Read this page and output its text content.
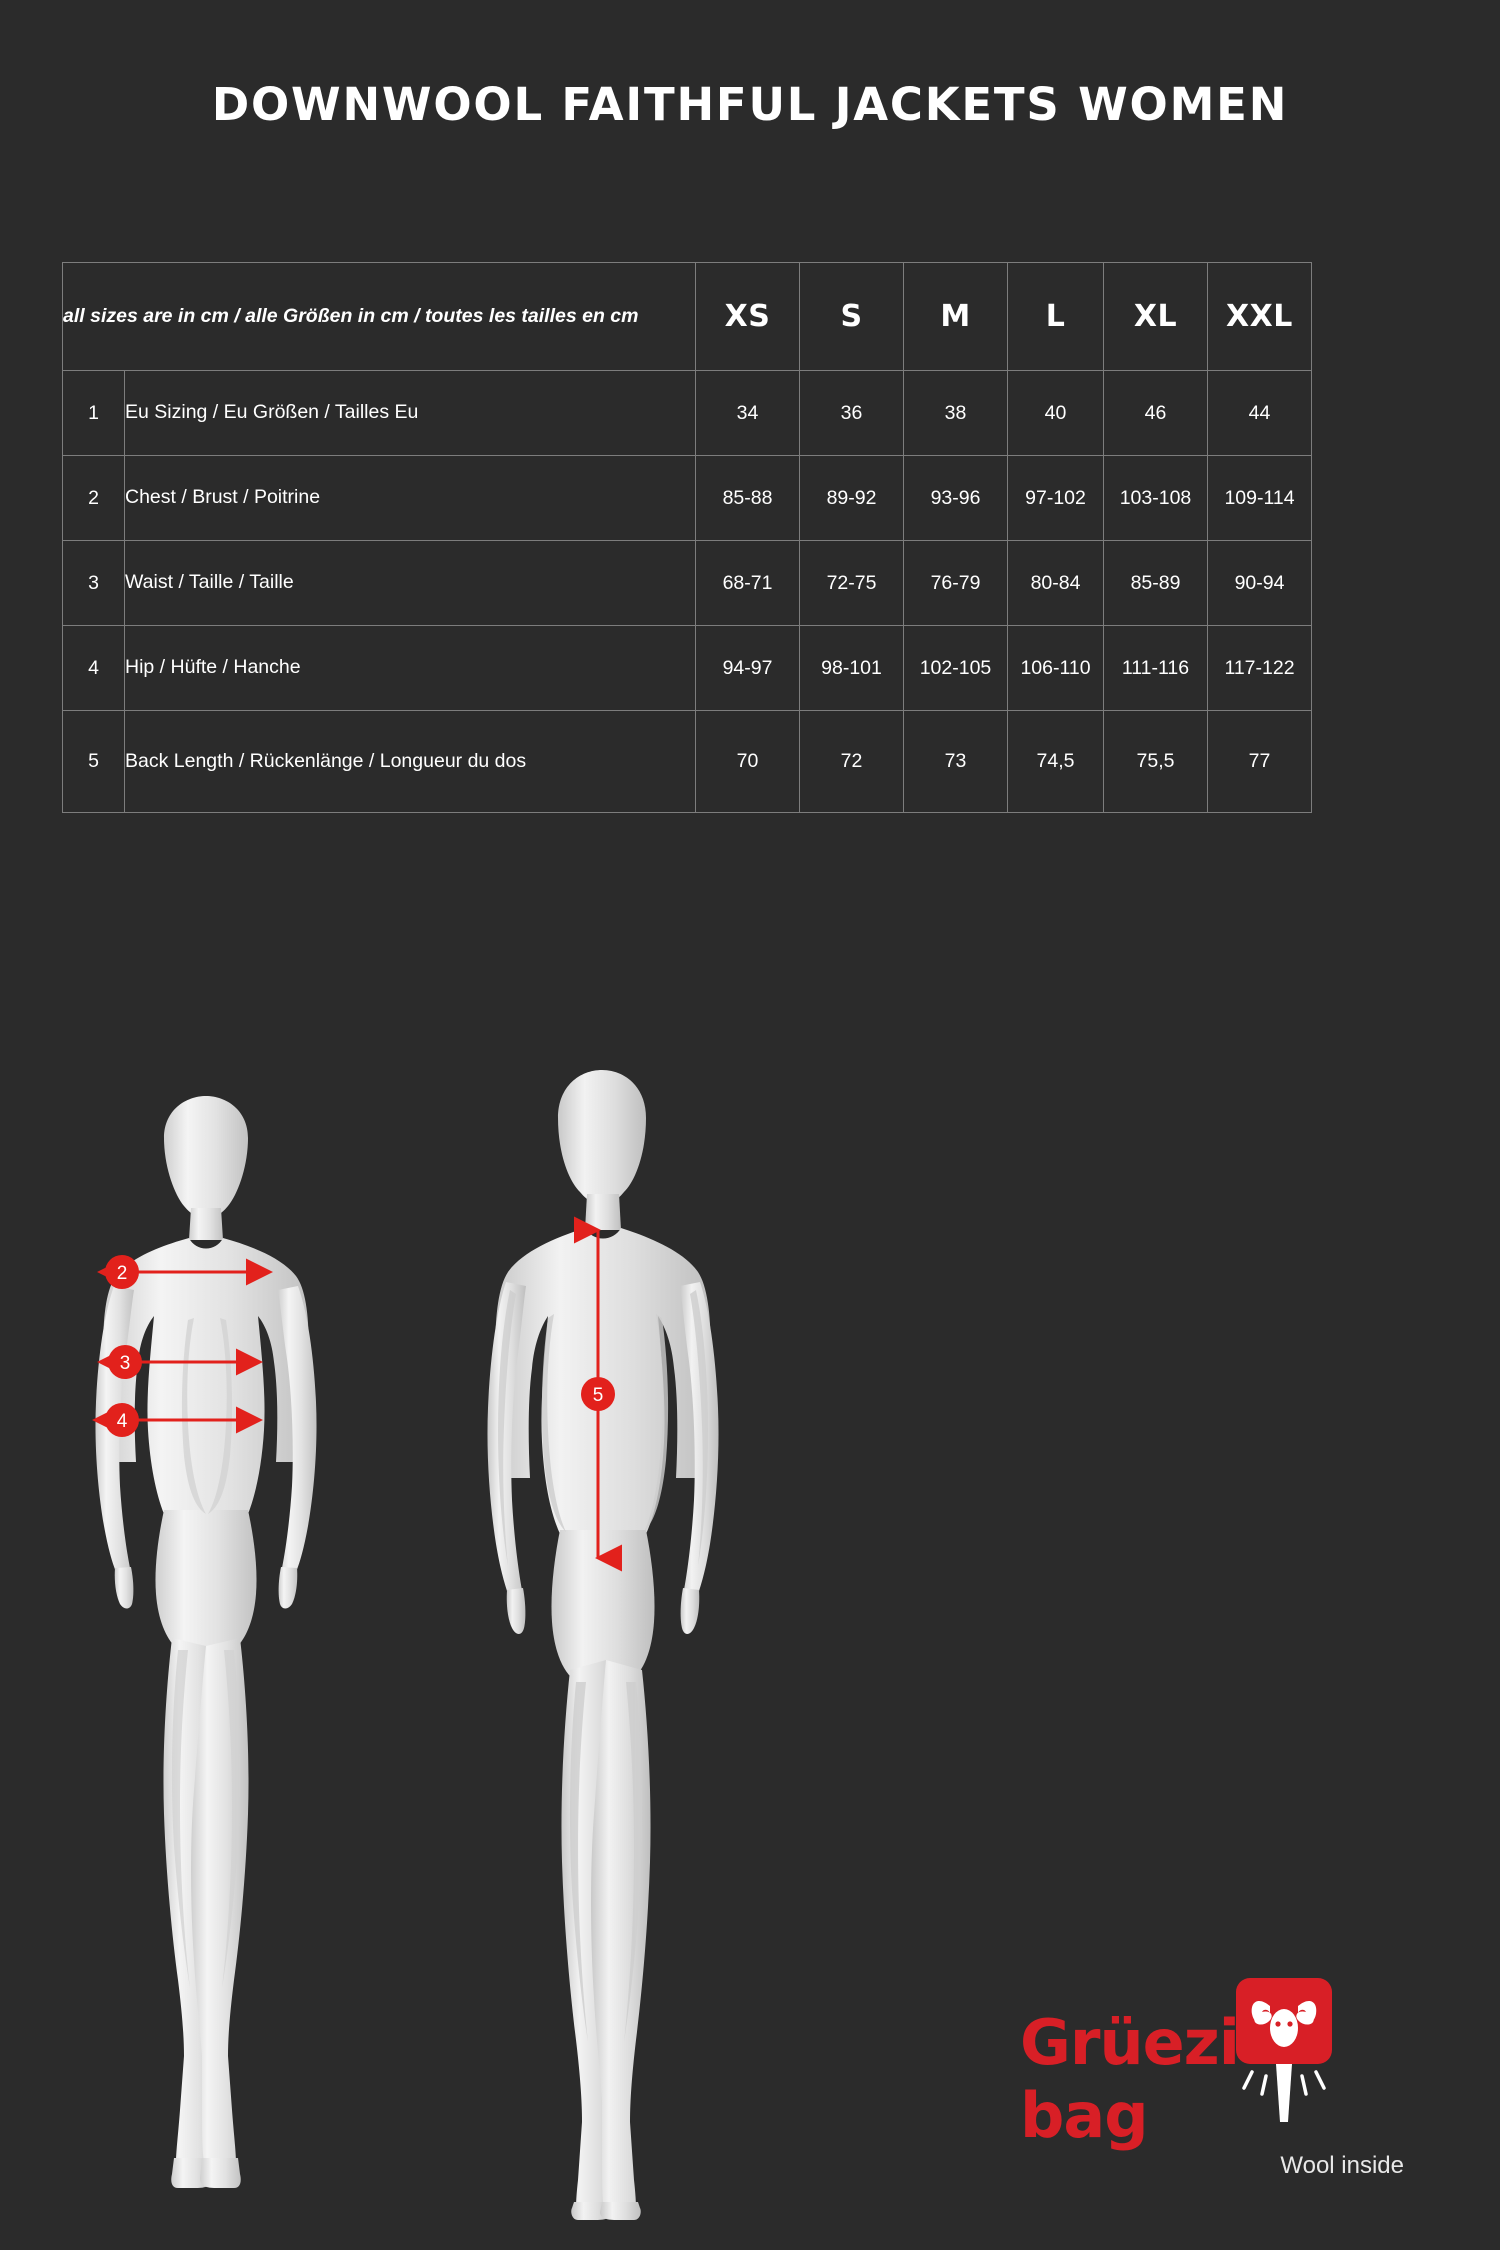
DOWNWOOL FAITHFUL JACKETS WOMEN
all sizes are in cm / alle Größen in cm / toutes les tailles en cm		XS	S	M	L	XL	XXL
1	Eu Sizing / Eu Größen / Tailles Eu	34	36	38	40	46	44
2	Chest / Brust / Poitrine	85-88	89-92	93-96	97-102	103-108	109-114
3	Waist / Taille / Taille	68-71	72-75	76-79	80-84	85-89	90-94
4	Hip / Hüfte / Hanche	94-97	98-101	102-105	106-110	111-116	117-122
5	Back Length / Rückenlänge / Longueur du dos	70	72	73	74,5	75,5	77
2
3
4
5
Grüezi bag
Wool inside
